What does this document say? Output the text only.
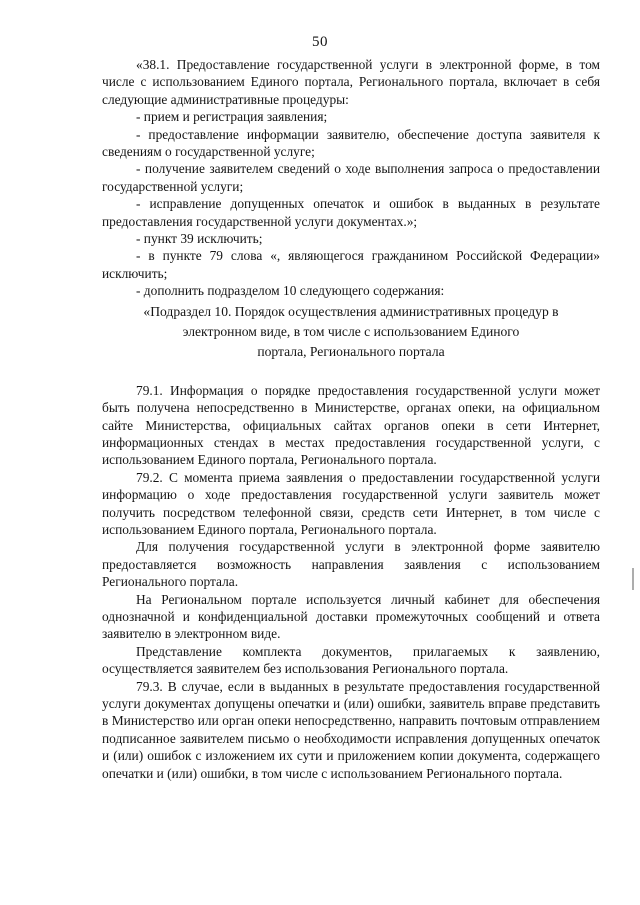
50

«38.1. Предоставление государственной услуги в электронной форме, в том числе с использованием Единого портала, Регионального портала, включает в себя следующие административные процедуры:

- прием и регистрация заявления;

- предоставление информации заявителю, обеспечение доступа заявителя к сведениям о государственной услуге;

- получение заявителем сведений о ходе выполнения запроса о предоставлении государственной услуги;

- исправление допущенных опечаток и ошибок в выданных в результате предоставления государственной услуги документах.»;

- пункт 39 исключить;

- в пункте 79 слова «, являющегося гражданином Российской Федерации» исключить;

- дополнить подразделом 10 следующего содержания:

«Подраздел 10. Порядок осуществления административных процедур в
электронном виде, в том числе с использованием Единого
портала, Регионального портала

79.1. Информация о порядке предоставления государственной услуги может быть получена непосредственно в Министерстве, органах опеки, на официальном сайте Министерства, официальных сайтах органов опеки в сети Интернет, информационных стендах в местах предоставления государственной услуги, с использованием Единого портала, Регионального портала.

79.2. С момента приема заявления о предоставлении государственной услуги информацию о ходе предоставления государственной услуги заявитель может получить посредством телефонной связи, средств сети Интернет, в том числе с использованием Единого портала, Регионального портала.

Для получения государственной услуги в электронной форме заявителю предоставляется возможность направления заявления с использованием Регионального портала.

На Региональном портале используется личный кабинет для обеспечения однозначной и конфиденциальной доставки промежуточных сообщений и ответа заявителю в электронном виде.

Представление комплекта документов, прилагаемых к заявлению, осуществляется заявителем без использования Регионального портала.

79.3. В случае, если в выданных в результате предоставления государственной услуги документах допущены опечатки и (или) ошибки, заявитель вправе представить в Министерство или орган опеки непосредственно, направить почтовым отправлением подписанное заявителем письмо о необходимости исправления допущенных опечаток и (или) ошибок с изложением их сути и приложением копии документа, содержащего опечатки и (или) ошибки, в том числе с использованием Регионального портала.
